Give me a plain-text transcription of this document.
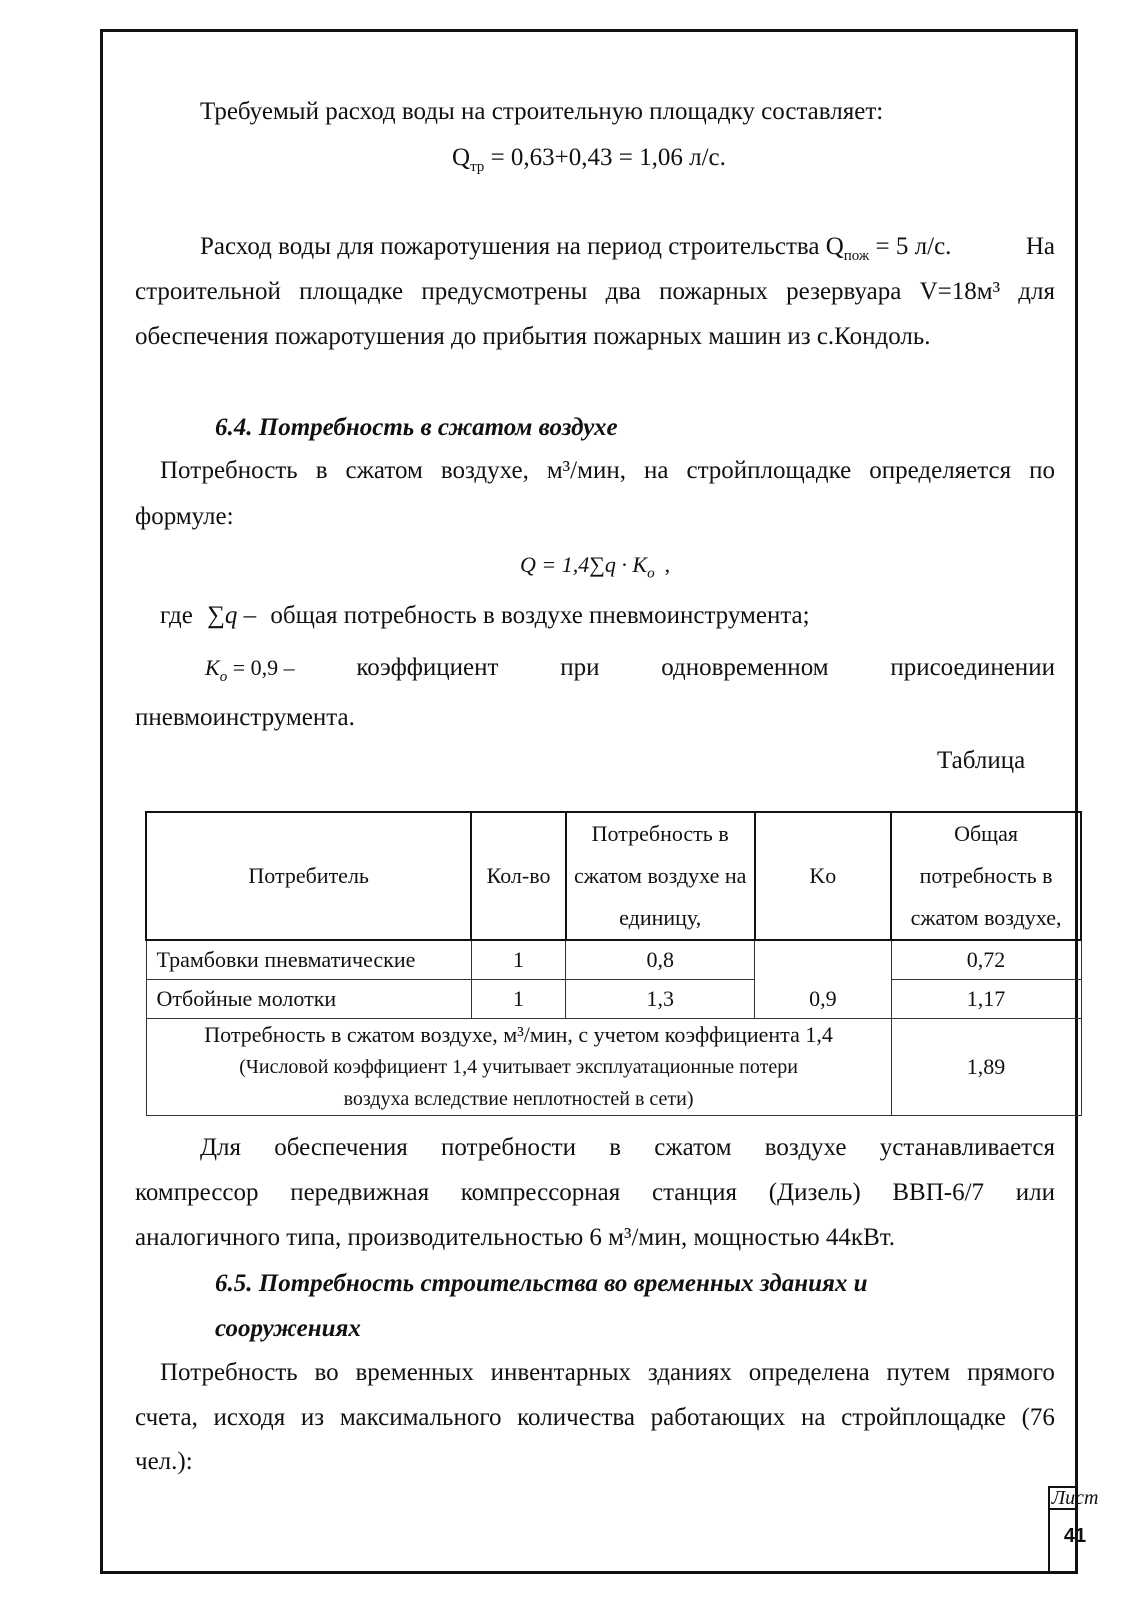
Требуемый расход воды на строительную площадку составляет:
$Q_{тр} = 0,63+0,43 = 1,06$ л/с.
Расход воды для пожаротушения на период строительства $Q_{пож} = 5$ л/с.	На
строительной площадке предусмотрены два пожарных резервуара V=18м³ для
обеспечения пожаротушения до прибытия пожарных машин из с.Кондоль.
6.4. Потребность в сжатом воздухе
Потребность в сжатом воздухе, м³/мин, на стройплощадке определяется по
формуле:
$Q = 1,4\sum q \cdot K_o$ ,
где ∑q – общая потребность в воздухе пневмоинструмента;
$K_o = 0,9$ – коэффициент при одновременном присоединении
пневмоинструмента.
Таблица
Потребитель	Кол-во	Потребность в сжатом воздухе на единицу,	Ko	Общая потребность в сжатом воздухе,
Трамбовки пневматические	1	0,8	0,9	0,72
Отбойные молотки	1	1,3		1,17

Потребность в сжатом воздухе, м³/мин, с учетом коэффициента 1,4
(Числовой коэффициент 1,4 учитывает эксплуатационные потери
воздуха вследствие неплотностей в сети)				1,89
Для обеспечения потребности в сжатом воздухе устанавливается
компрессор передвижная компрессорная станция (Дизель) ВВП-6/7 или
аналогичного типа, производительностью 6 м³/мин, мощностью 44кВт.
6.5. Потребность строительства во временных зданиях и
сооружениях
Потребность во временных инвентарных зданиях определена путем прямого
счета, исходя из максимального количества работающих на стройплощадке (76
чел.):
Лист
41
